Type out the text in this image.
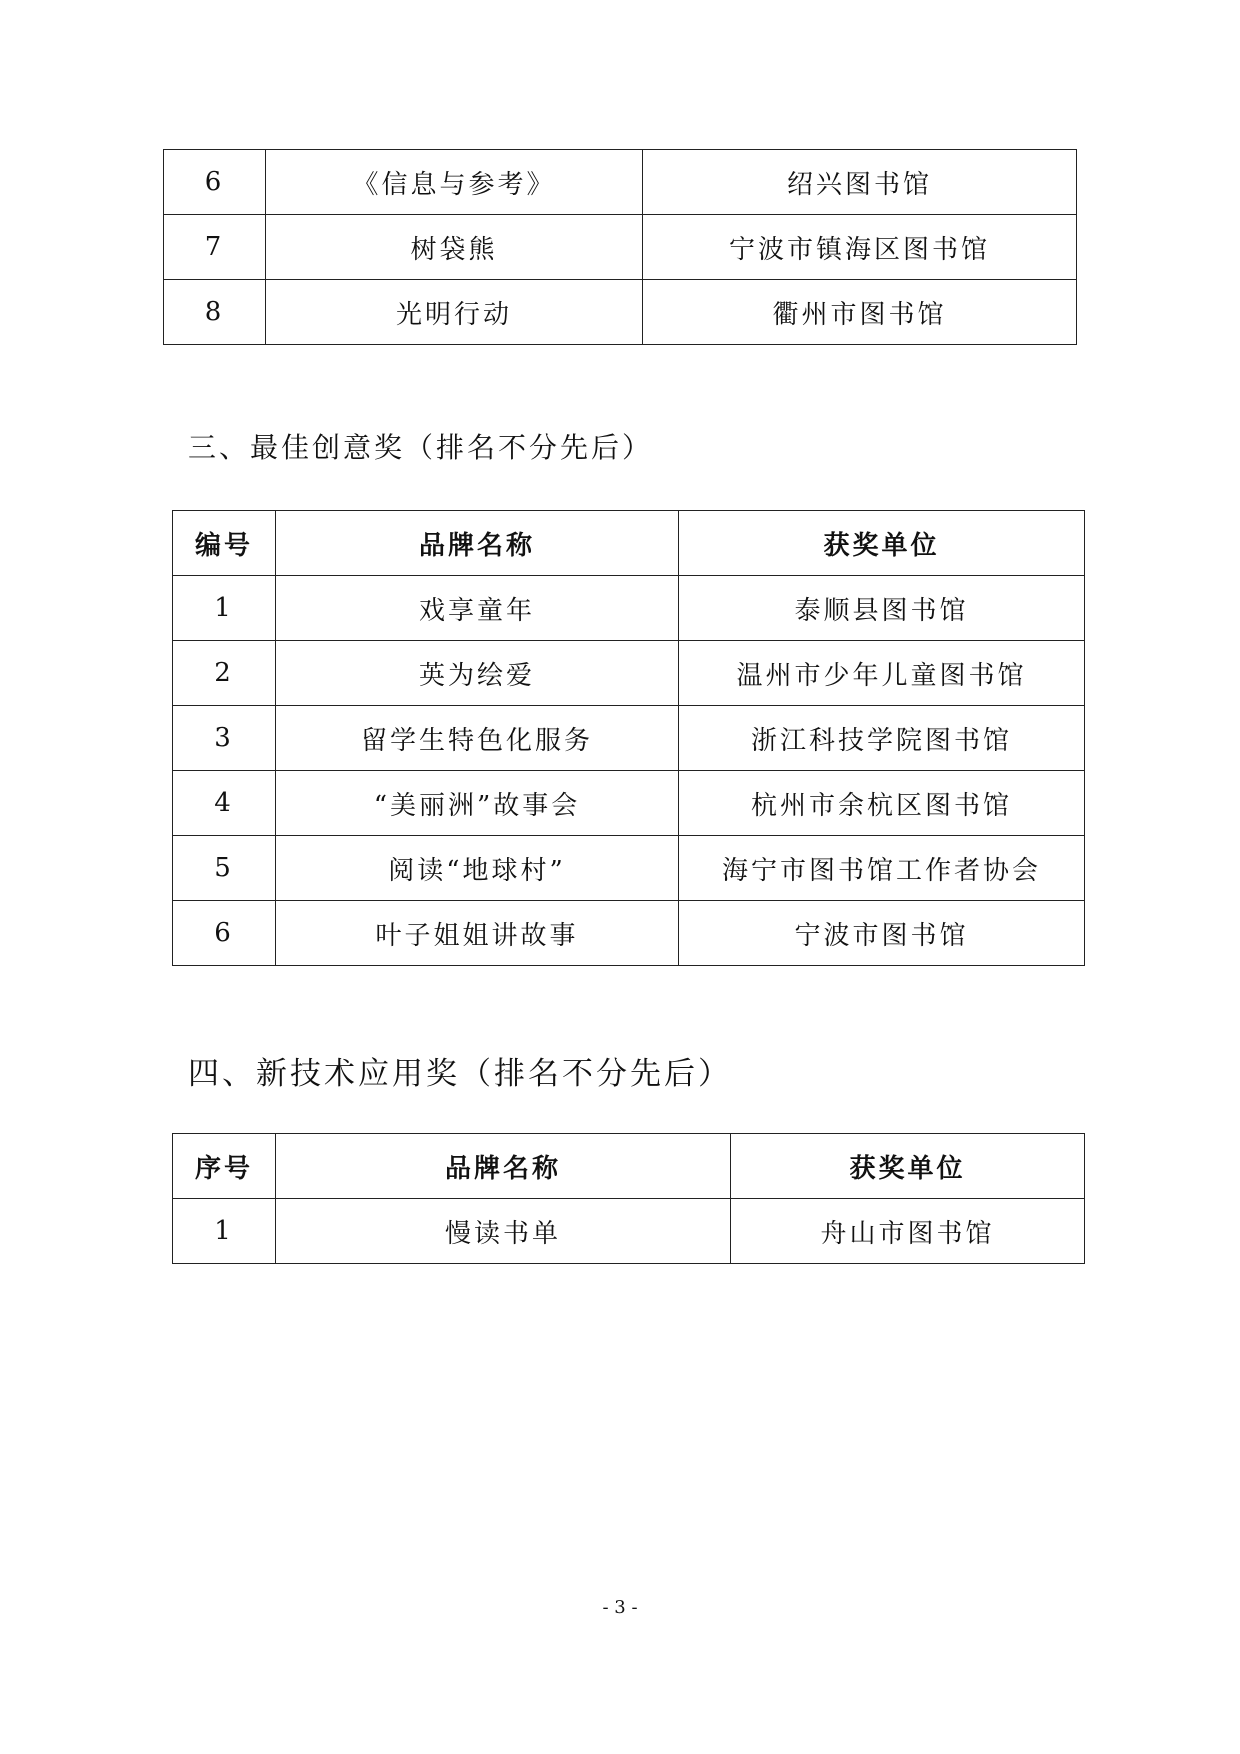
6	《信息与参考》	绍兴图书馆
7	树袋熊	宁波市镇海区图书馆
8	光明行动	衢州市图书馆
三、最佳创意奖（排名不分先后）
编号	品牌名称	获奖单位
1	戏享童年	泰顺县图书馆
2	英为绘爱	温州市少年儿童图书馆
3	留学生特色化服务	浙江科技学院图书馆
4	“美丽洲”故事会	杭州市余杭区图书馆
5	阅读“地球村”	海宁市图书馆工作者协会
6	叶子姐姐讲故事	宁波市图书馆
四、新技术应用奖（排名不分先后）
序号	品牌名称	获奖单位
1	慢读书单	舟山市图书馆
- 3 -
